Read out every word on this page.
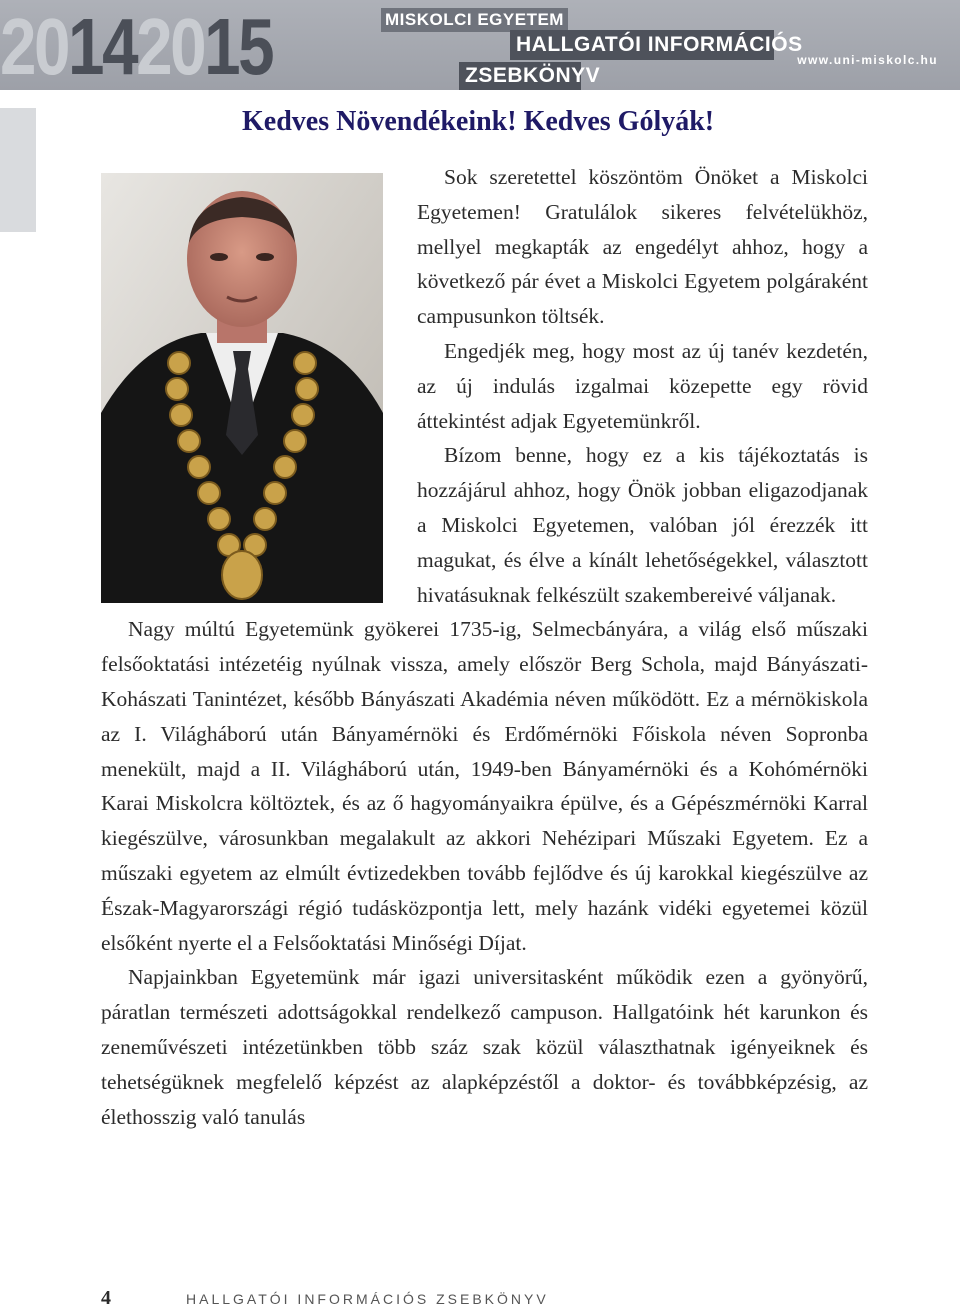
20142015	MISKOLCI EGYETEM
HALLGATÓI INFORMÁCIÓS
ZSEBKÖNYV
www.uni-miskolc.hu
Kedves Növendékeink! Kedves Gólyák!

Sok szeretettel köszöntöm Önöket a Miskolci Egyetemen! Gratulálok sikeres felvételükhöz, mellyel megkapták az engedélyt ahhoz, hogy a következő pár évet a Miskolci Egyetem polgáraként campusunkon töltsék.

Engedjék meg, hogy most az új tanév kezdetén, az új indulás izgalmai közepette egy rövid áttekintést adjak Egyetemünkről.

Bízom benne, hogy ez a kis tájékoztatás is hozzájárul ahhoz, hogy Önök jobban eligazodjanak a Miskolci Egyetemen, valóban jól érezzék itt magukat, és élve a kínált lehetőségekkel, választott hivatásuknak felkészült szakembereivé váljanak.

Nagy múltú Egyetemünk gyökerei 1735-ig, Selmecbányára, a világ első műszaki felsőoktatási intézetéig nyúlnak vissza, amely először Berg Schola, majd Bányászati-Kohászati Tanintézet, később Bányászati Akadémia néven működött. Ez a mérnökiskola az I. Világháború után Bányamérnöki és Erdőmérnöki Főiskola néven Sopronba menekült, majd a II. Világháború után, 1949-ben Bányamérnöki és a Kohómérnöki Karai Miskolcra költöztek, és az ő hagyományaikra épülve, és a Gépészmérnöki Karral kiegészülve, városunkban megalakult az akkori Nehézipari Műszaki Egyetem. Ez a műszaki egyetem az elmúlt évtizedekben tovább fejlődve és új karokkal kiegészülve az Észak-Magyarországi régió tudásközpontja lett, mely hazánk vidéki egyetemei közül elsőként nyerte el a Felsőoktatási Minőségi Díjat.

Napjainkban Egyetemünk már igazi universitasként működik ezen a gyönyörű, páratlan természeti adottságokkal rendelkező campuson. Hallgatóink hét karunkon és zeneművészeti intézetünkben több száz szak közül választhatnak igényeiknek és tehetségüknek megfelelő képzést az alapképzéstől a doktor- és továbbképzésig, az élethosszig való tanulás

4	HALLGATÓI INFORMÁCIÓS ZSEBKÖNYV
